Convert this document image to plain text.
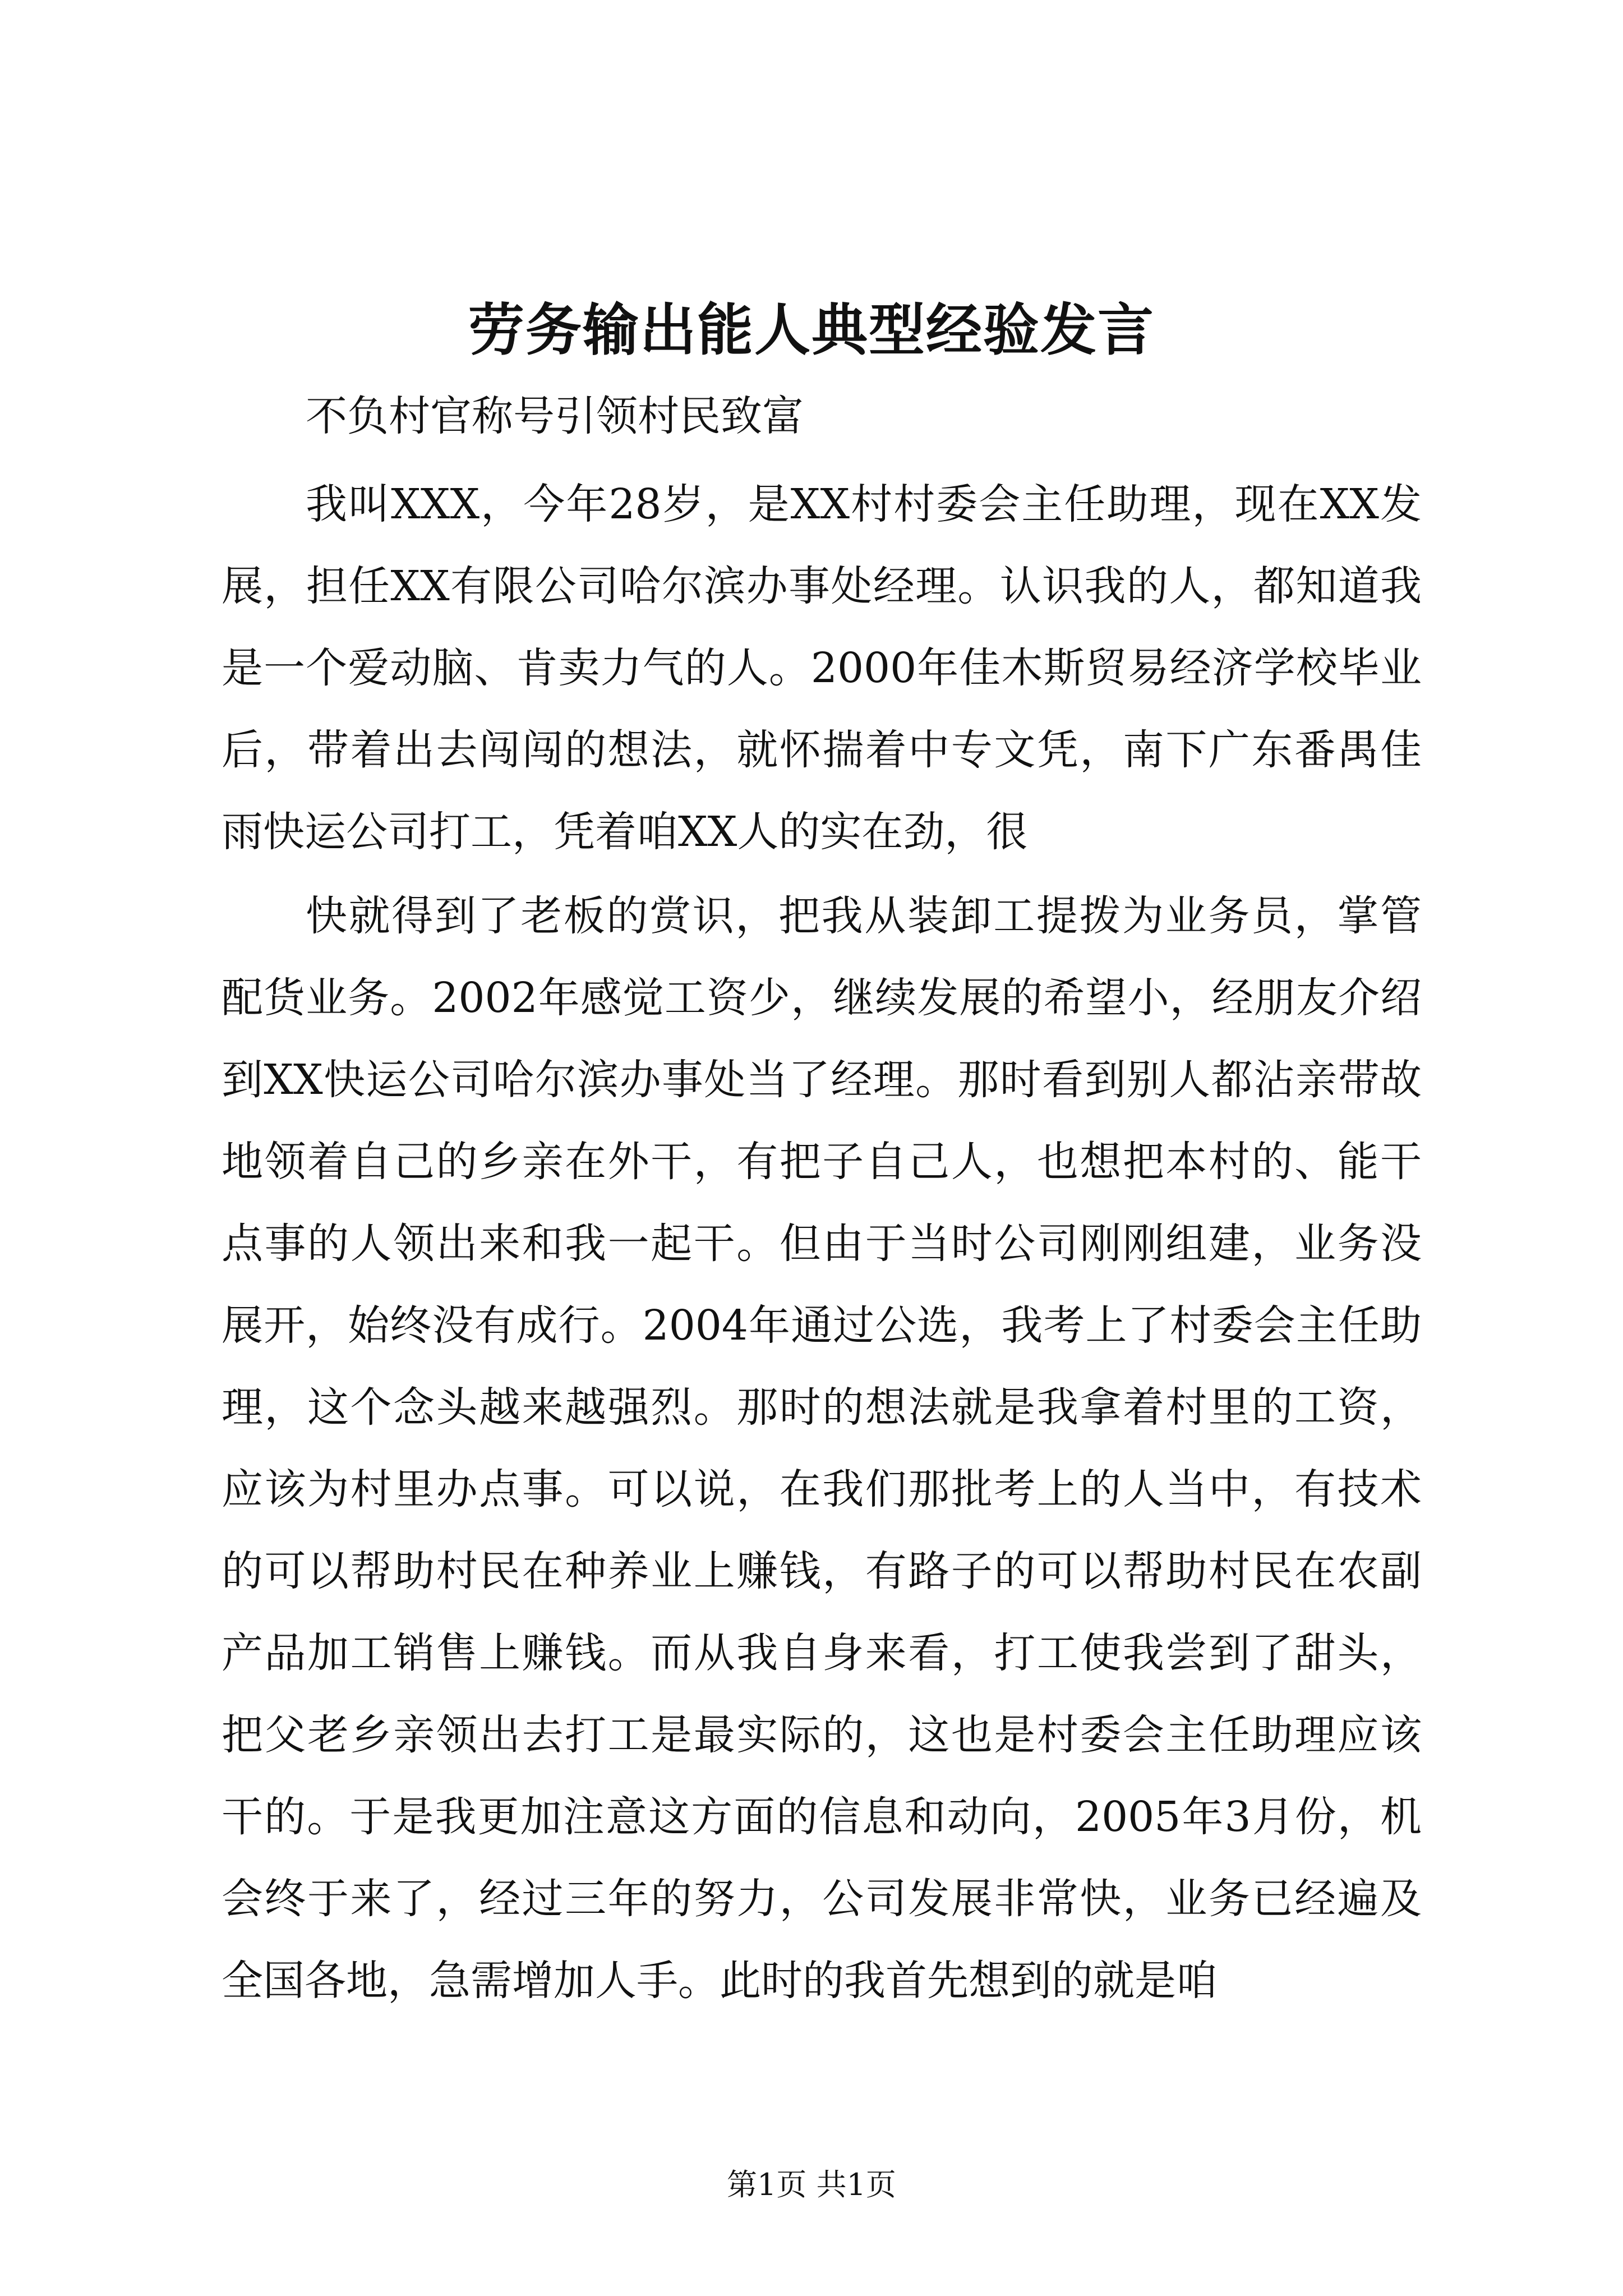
劳务输出能人典型经验发言

不负村官称号引领村民致富

我叫XXX，今年28岁，是XX村村委会主任助理，现在XX发展，担任XX有限公司哈尔滨办事处经理。认识我的人，都知道我是一个爱动脑、肯卖力气的人。2000年佳木斯贸易经济学校毕业后，带着出去闯闯的想法，就怀揣着中专文凭，南下广东番禺佳雨快运公司打工，凭着咱XX人的实在劲，很

快就得到了老板的赏识，把我从装卸工提拨为业务员，掌管配货业务。2002年感觉工资少，继续发展的希望小，经朋友介绍到XX快运公司哈尔滨办事处当了经理。那时看到别人都沾亲带故地领着自己的乡亲在外干，有把子自己人，也想把本村的、能干点事的人领出来和我一起干。但由于当时公司刚刚组建，业务没展开，始终没有成行。2004年通过公选，我考上了村委会主任助理，这个念头越来越强烈。那时的想法就是我拿着村里的工资，应该为村里办点事。可以说，在我们那批考上的人当中，有技术的可以帮助村民在种养业上赚钱，有路子的可以帮助村民在农副产品加工销售上赚钱。而从我自身来看，打工使我尝到了甜头，把父老乡亲领出去打工是最实际的，这也是村委会主任助理应该干的。于是我更加注意这方面的信息和动向，2005年3月份，机会终于来了，经过三年的努力，公司发展非常快，业务已经遍及全国各地，急需增加人手。此时的我首先想到的就是咱

第1页 共1页
